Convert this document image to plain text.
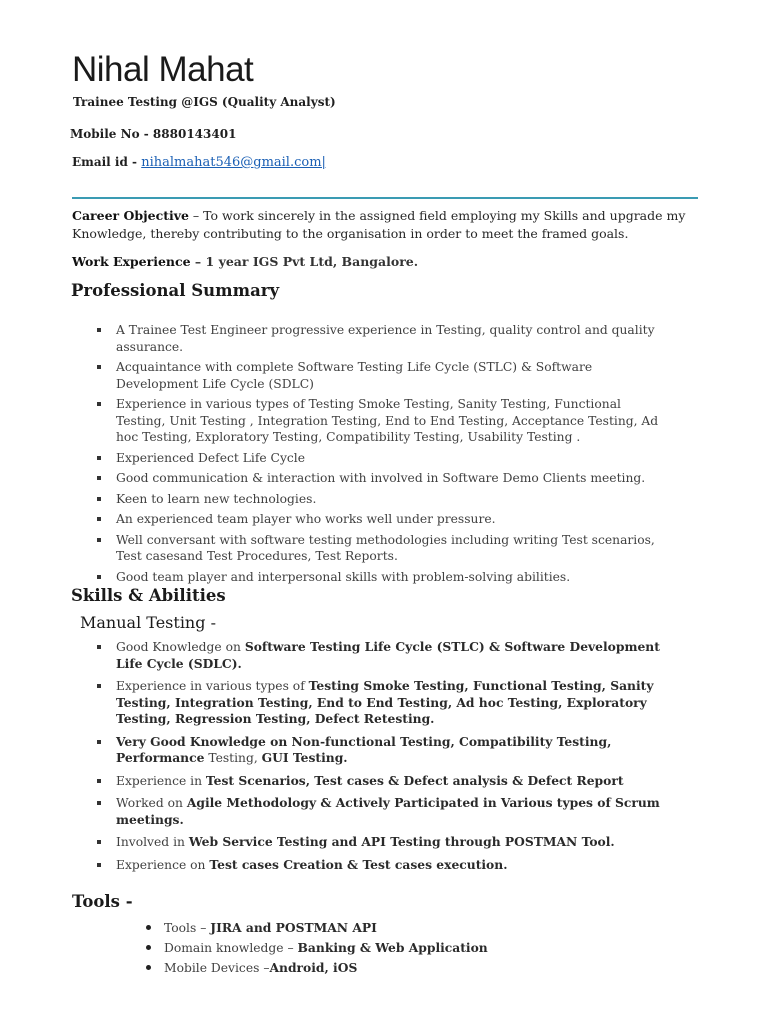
Nihal Mahat
Trainee Testing @IGS (Quality Analyst)
Mobile No - 8880143401
Email id - nihalmahat546@gmail.com|
Career Objective – To work sincerely in the assigned field employing my Skills and upgrade my Knowledge, thereby contributing to the organisation in order to meet the framed goals.
Work Experience – 1 year IGS Pvt Ltd, Bangalore.
Professional Summary
A Trainee Test Engineer progressive experience in Testing, quality control and quality assurance.
Acquaintance with complete Software Testing Life Cycle (STLC) & Software Development Life Cycle (SDLC)
Experience in various types of Testing Smoke Testing, Sanity Testing, Functional Testing, Unit Testing , Integration Testing, End to End Testing, Acceptance Testing, Ad hoc Testing, Exploratory Testing, Compatibility Testing, Usability Testing .
Experienced Defect Life Cycle
Good communication & interaction with involved in Software Demo Clients meeting.
Keen to learn new technologies.
An experienced team player who works well under pressure.
Well conversant with software testing methodologies including writing Test scenarios, Test casesand Test Procedures, Test Reports.
Good team player and interpersonal skills with problem-solving abilities.
Skills & Abilities
Manual Testing -
Good Knowledge on Software Testing Life Cycle (STLC) & Software Development Life Cycle (SDLC).
Experience in various types of Testing Smoke Testing, Functional Testing, Sanity Testing, Integration Testing, End to End Testing, Ad hoc Testing, Exploratory Testing, Regression Testing, Defect Retesting.
Very Good Knowledge on Non-functional Testing, Compatibility Testing, Performance Testing, GUI Testing.
Experience in Test Scenarios, Test cases & Defect analysis & Defect Report
Worked on Agile Methodology & Actively Participated in Various types of Scrum meetings.
Involved in Web Service Testing and API Testing through POSTMAN Tool.
Experience on Test cases Creation & Test cases execution.
Tools -
Tools – JIRA and POSTMAN API
Domain knowledge – Banking & Web Application
Mobile Devices –Android, iOS
